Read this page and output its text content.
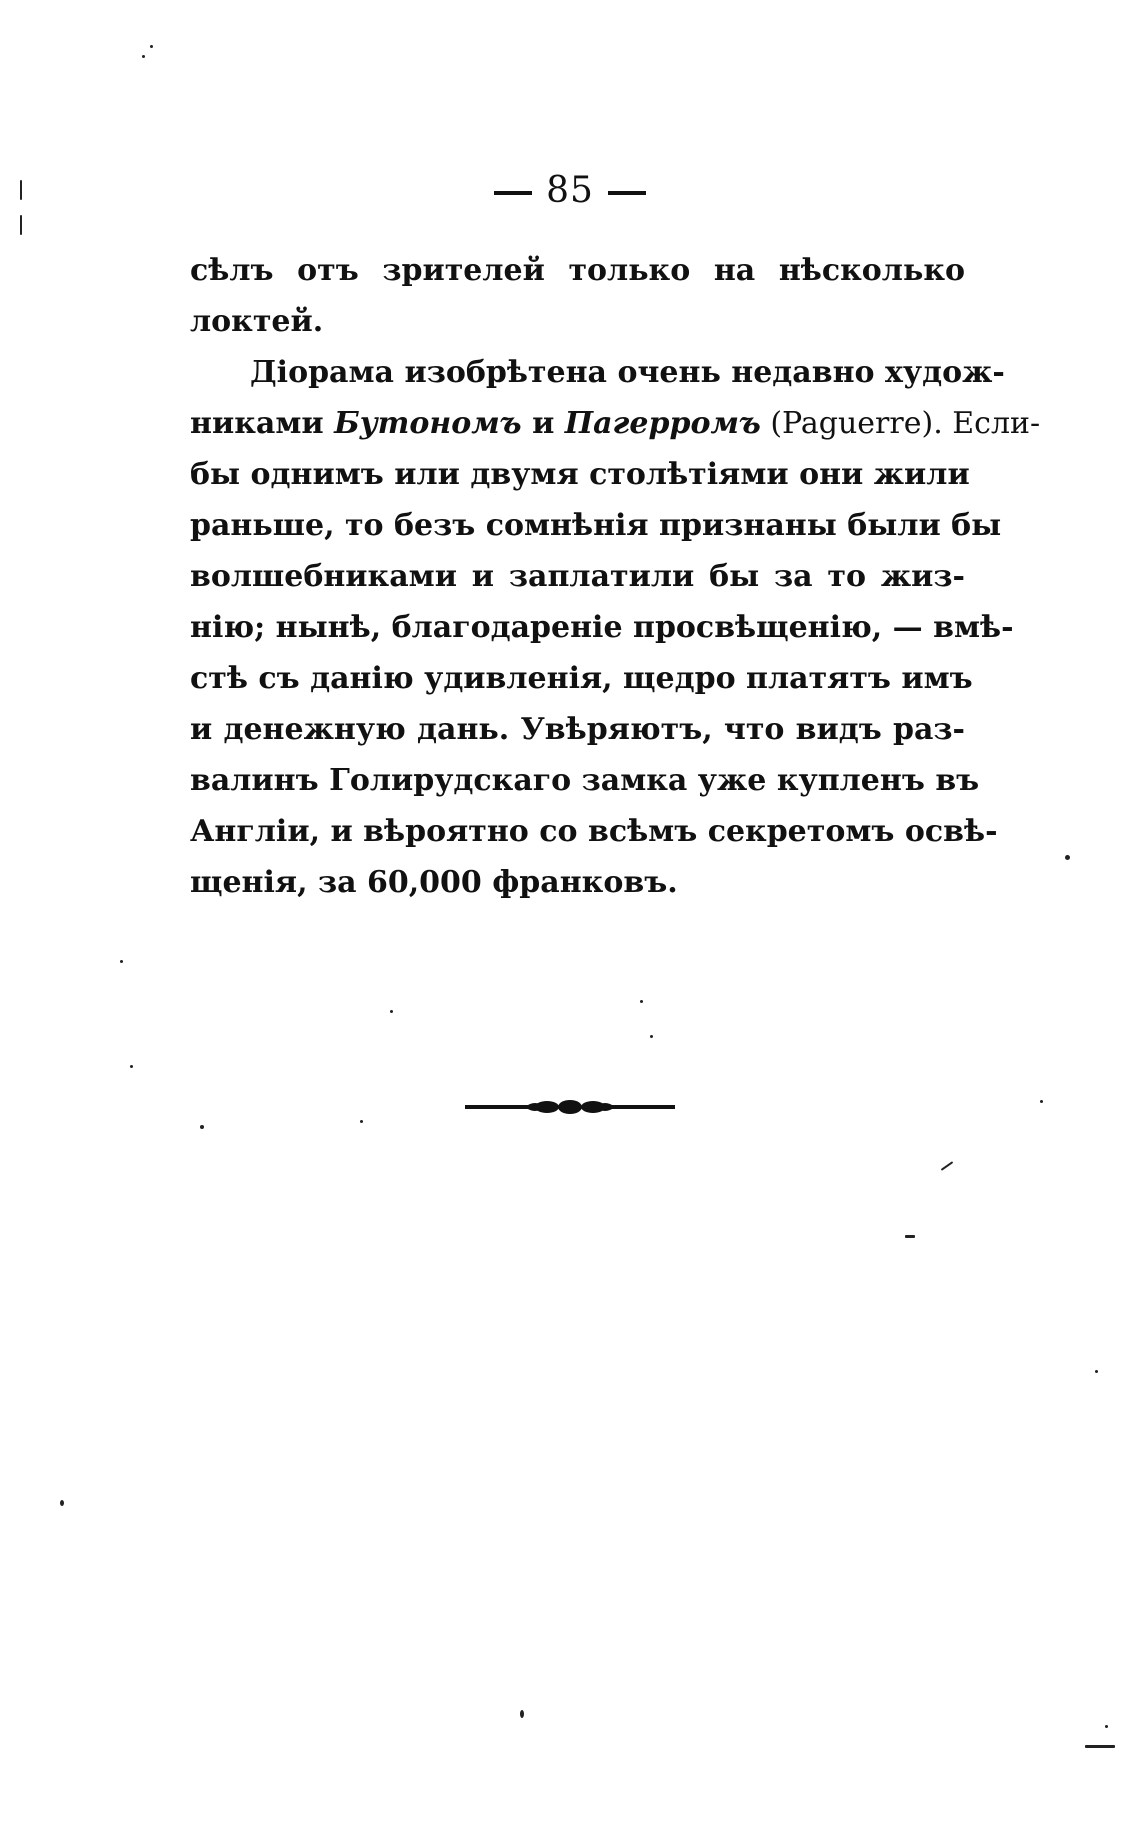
85
сѣлъ отъ зрителей только на нѣсколько
локтей.
Діорама изобрѣтена очень недавно худож-
никами Бутономъ и Пагерромъ (Paguerre). Если-
бы однимъ или двумя столѣтіями они жили
раньше, то безъ сомнѣнія признаны были бы
волшебниками и заплатили бы за то жиз-
нію; нынѣ, благодареніе просвѣщенію, — вмѣ-
стѣ съ данію удивленія, щедро платятъ имъ
и денежную дань. Увѣряютъ, что видъ раз-
валинъ Голирудскаго замка уже купленъ въ
Англіи, и вѣроятно со всѣмъ секретомъ освѣ-
щенія, за 60,000 франковъ.
